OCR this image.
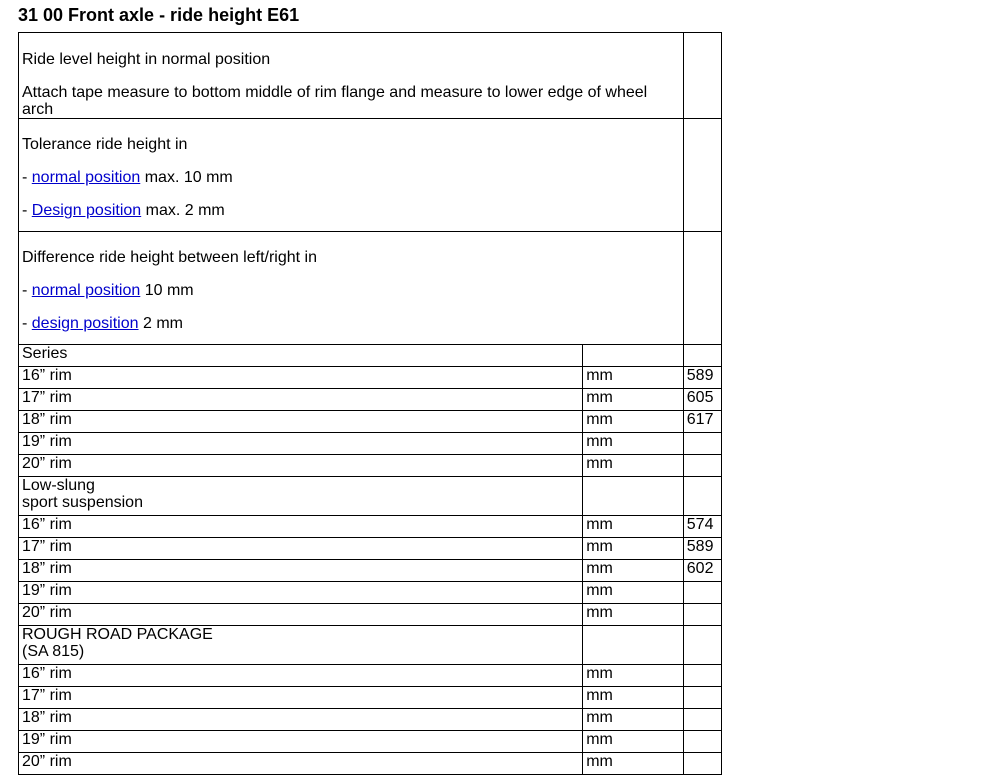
31 00 Front axle - ride height E61

Ride level height in normal position

Attach tape measure to bottom middle of rim flange and measure to lower edge of wheel arch		

Tolerance ride height in

- normal position max. 10 mm

- Design position max. 2 mm		

Difference ride height between left/right in

- normal position 10 mm

- design position 2 mm		

Series		
16” rim	mm	589
17” rim	mm	605
18” rim	mm	617
19” rim	mm	
20” rim	mm	
Low-slung
sport suspension		
16” rim	mm	574
17” rim	mm	589
18” rim	mm	602
19” rim	mm	
20” rim	mm	
ROUGH ROAD PACKAGE
(SA 815)		
16” rim	mm	
17” rim	mm	
18” rim	mm	
19” rim	mm	
20” rim	mm	
